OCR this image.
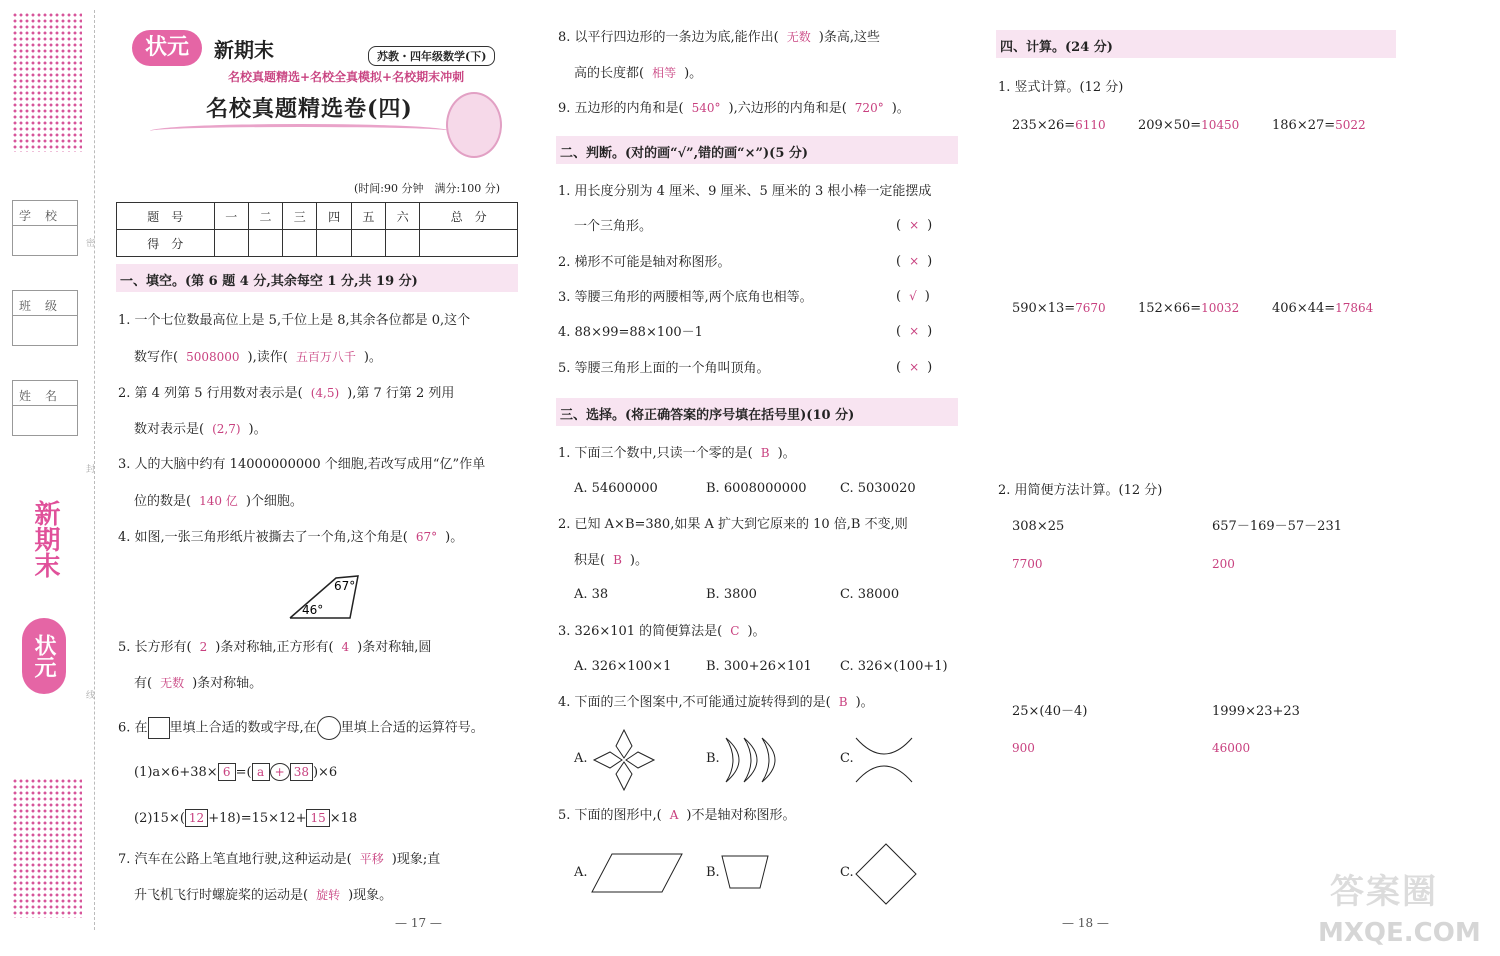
密
封
线
学校
班级
姓名
新期末
状元
状元	新期末	苏教・四年级数学(下)
名校真题精选+名校全真模拟+名校期末冲刺
名校真题精选卷(四)
(时间:90 分钟　满分:100 分)
题　号	一	二	三	四	五	六	总　分
得　分							
一、填空。(第 6 题 4 分,其余每空 1 分,共 19 分)
1. 一个七位数最高位上是 5,千位上是 8,其余各位都是 0,这个
数写作( 5008000 ),读作( 五百万八千 )。
2. 第 4 列第 5 行用数对表示是( (4,5) ),第 7 行第 2 列用
数对表示是( (2,7) )。
3. 人的大脑中约有 14000000000 个细胞,若改写成用“亿”作单
位的数是( 140 亿 )个细胞。
4. 如图,一张三角形纸片被撕去了一个角,这个角是( 67° )。
67°
46°
5. 长方形有( 2 )条对称轴,正方形有( 4 )条对称轴,圆
有( 无数 )条对称轴。
6. 在 里填上合适的数或字母,在 里填上合适的运算符号。
(1)a×6+38× 6 =( a + 38 )×6
(2)15×( 12 +18)=15×12+ 15 ×18
7. 汽车在公路上笔直地行驶,这种运动是( 平移 )现象;直
升飞机飞行时螺旋桨的运动是( 旋转 )现象。
— 17 —
8. 以平行四边形的一条边为底,能作出( 无数 )条高,这些
高的长度都( 相等 )。
9. 五边形的内角和是( 540° ),六边形的内角和是( 720° )。
二、判断。(对的画“√”,错的画“×”)(5 分)
1. 用长度分别为 4 厘米、9 厘米、5 厘米的 3 根小棒一定能摆成
一个三角形。	( × )
2. 梯形不可能是轴对称图形。	( × )
3. 等腰三角形的两腰相等,两个底角也相等。	( √ )
4. 88×99=88×100－1	( × )
5. 等腰三角形上面的一个角叫顶角。	( × )
三、选择。(将正确答案的序号填在括号里)(10 分)
1. 下面三个数中,只读一个零的是( B )。
A. 54600000	B. 6008000000	C. 5030020
2. 已知 A×B=380,如果 A 扩大到它原来的 10 倍,B 不变,则
积是( B )。
A. 38	B. 3800	C. 38000
3. 326×101 的简便算法是( C )。
A. 326×100×1	B. 300+26×101 C. 326×(100+1)
4. 下面的三个图案中,不可能通过旋转得到的是( B )。
A.	B.	C.
5. 下面的图形中,( A )不是轴对称图形。
A.	B.	C.
四、计算。(24 分)
1. 竖式计算。(12 分)
235×26=6110 209×50=10450	186×27=5022
590×13=7670 152×66=10032	406×44=17864
2. 用简便方法计算。(12 分)
308×25
7700
657－169－57－231
200
25×(40－4)
900
1999×23+23
46000
— 18 —
答案圈
MXQE.COM
